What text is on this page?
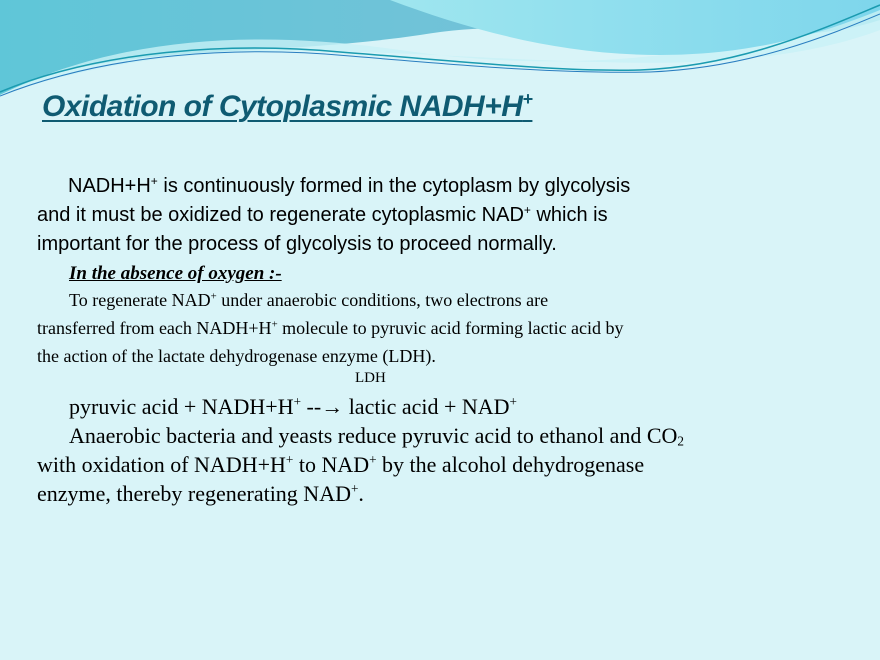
Oxidation of Cytoplasmic NADH+H+
NADH+H+ is continuously formed in the cytoplasm by glycolysis
and it must be oxidized to regenerate cytoplasmic NAD+ which is
important for the process of glycolysis to proceed normally.
In the absence of oxygen :-
To regenerate NAD+ under anaerobic conditions, two electrons are
transferred from each NADH+H+ molecule to pyruvic acid forming lactic acid by
the action of the lactate dehydrogenase enzyme (LDH).
LDH
pyruvic acid + NADH+H+ --→ lactic acid + NAD+
Anaerobic bacteria and yeasts reduce pyruvic acid to ethanol and $CO_2$
with oxidation of NADH+H+ to NAD+ by the alcohol dehydrogenase
enzyme, thereby regenerating NAD+.
